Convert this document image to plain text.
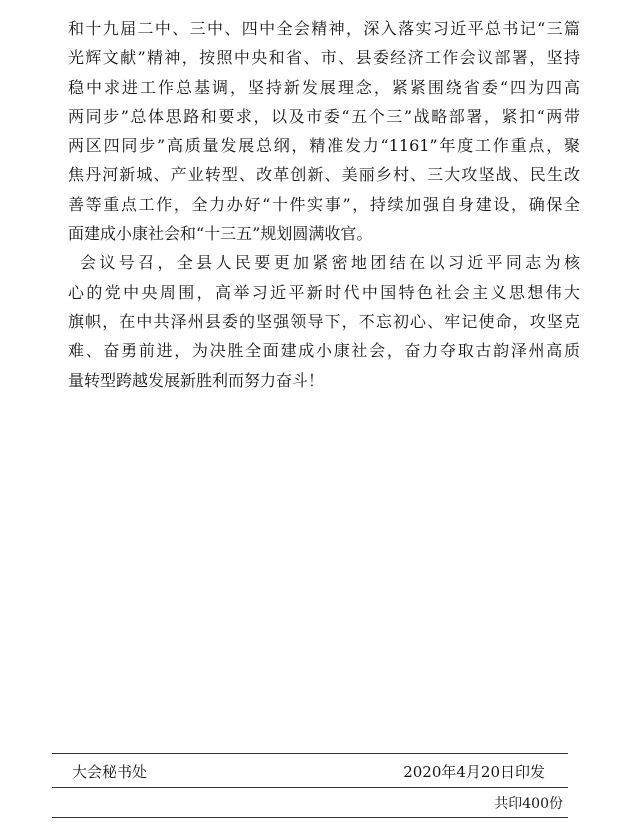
和十九届二中、三中、四中全会精神，深入落实习近平总书记“三篇
光辉文献”精神，按照中央和省、市、县委经济工作会议部署，坚持
稳中求进工作总基调，坚持新发展理念，紧紧围绕省委“四为四高
两同步”总体思路和要求，以及市委“五个三”战略部署，紧扣“两带
两区四同步”高质量发展总纲，精准发力“1161”年度工作重点，聚
焦丹河新城、产业转型、改革创新、美丽乡村、三大攻坚战、民生改
善等重点工作，全力办好“十件实事”，持续加强自身建设，确保全
面建成小康社会和“十三五”规划圆满收官。
会议号召，全县人民要更加紧密地团结在以习近平同志为核
心的党中央周围，高举习近平新时代中国特色社会主义思想伟大
旗帜，在中共泽州县委的坚强领导下，不忘初心、牢记使命，攻坚克
难、奋勇前进，为决胜全面建成小康社会，奋力夺取古韵泽州高质
量转型跨越发展新胜利而努力奋斗！
大会秘书处	2020年4月20日印发
共印400份
